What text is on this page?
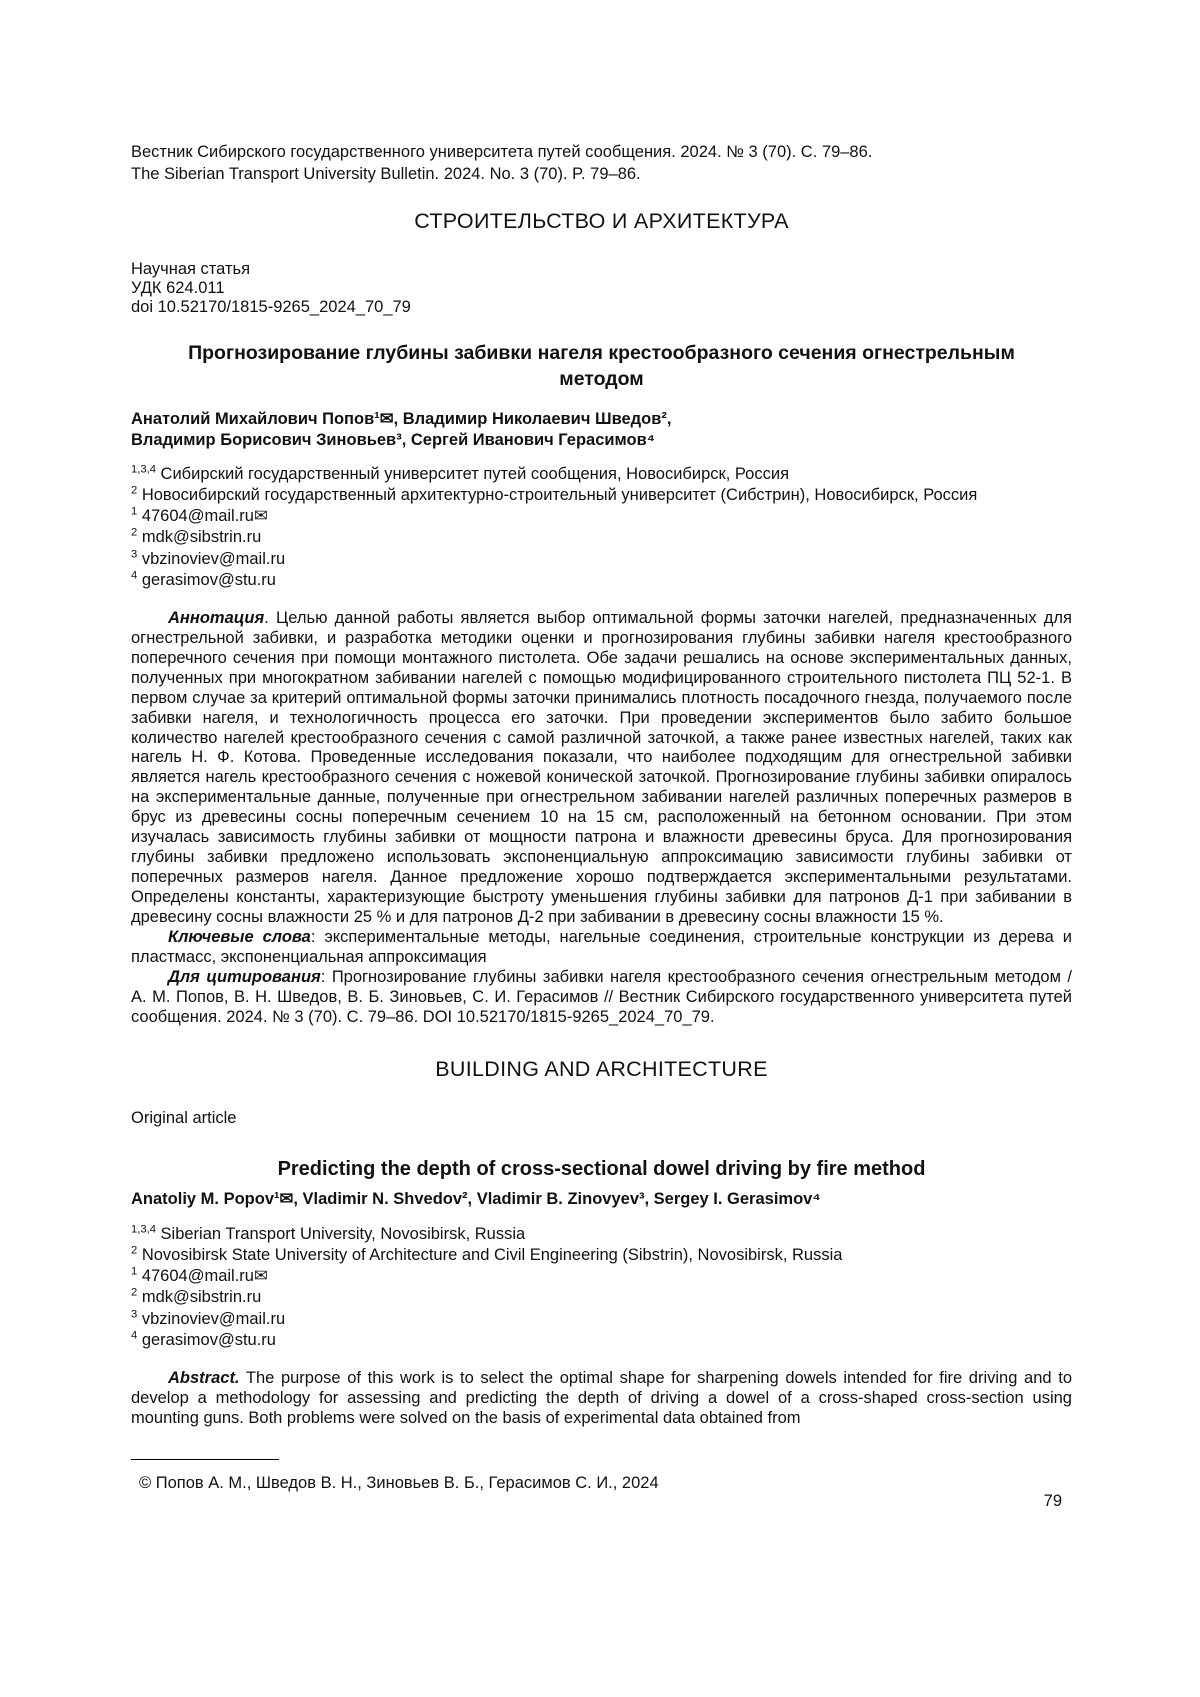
Вестник Сибирского государственного университета путей сообщения. 2024. № 3 (70). С. 79–86.

The Siberian Transport University Bulletin. 2024. No. 3 (70). P. 79–86.

СТРОИТЕЛЬСТВО И АРХИТЕКТУРА

Научная статья

УДК 624.011

doi 10.52170/1815-9265_2024_70_79

Прогнозирование глубины забивки нагеля крестообразного сечения огнестрельным методом

Анатолий Михайлович Попов¹✉, Владимир Николаевич Шведов²,

Владимир Борисович Зиновьев³, Сергей Иванович Герасимов⁴

$^{1,3,4}$ Сибирский государственный университет путей сообщения, Новосибирск, Россия

$^2$ Новосибирский государственный архитектурно-строительный университет (Сибстрин), Новосибирск, Россия

$^1$ 47604@mail.ru✉

$^2$ mdk@sibstrin.ru

$^3$ vbzinoviev@mail.ru

$^4$ gerasimov@stu.ru

Аннотация. Целью данной работы является выбор оптимальной формы заточки нагелей, предназначенных для огнестрельной забивки, и разработка методики оценки и прогнозирования глубины забивки нагеля крестообразного поперечного сечения при помощи монтажного пистолета. Обе задачи решались на основе экспериментальных данных, полученных при многократном забивании нагелей с помощью модифицированного строительного пистолета ПЦ 52-1. В первом случае за критерий оптимальной формы заточки принимались плотность посадочного гнезда, получаемого после забивки нагеля, и технологичность процесса его заточки. При проведении экспериментов было забито большое количество нагелей крестообразного сечения с самой различной заточкой, а также ранее известных нагелей, таких как нагель Н. Ф. Котова. Проведенные исследования показали, что наиболее подходящим для огнестрельной забивки является нагель крестообразного сечения с ножевой конической заточкой. Прогнозирование глубины забивки опиралось на экспериментальные данные, полученные при огнестрельном забивании нагелей различных поперечных размеров в брус из древесины сосны поперечным сечением 10 на 15 см, расположенный на бетонном основании. При этом изучалась зависимость глубины забивки от мощности патрона и влажности древесины бруса. Для прогнозирования глубины забивки предложено использовать экспоненциальную аппроксимацию зависимости глубины забивки от поперечных размеров нагеля. Данное предложение хорошо подтверждается экспериментальными результатами. Определены константы, характеризующие быстроту уменьшения глубины забивки для патронов Д-1 при забивании в древесину сосны влажности 25 % и для патронов Д-2 при забивании в древесину сосны влажности 15 %.

Ключевые слова: экспериментальные методы, нагельные соединения, строительные конструкции из дерева и пластмасс, экспоненциальная аппроксимация

Для цитирования: Прогнозирование глубины забивки нагеля крестообразного сечения огнестрельным методом / А. М. Попов, В. Н. Шведов, В. Б. Зиновьев, С. И. Герасимов // Вестник Сибирского государственного университета путей сообщения. 2024. № 3 (70). С. 79–86. DOI 10.52170/1815-9265_2024_70_79.

BUILDING AND ARCHITECTURE

Original article

Predicting the depth of cross-sectional dowel driving by fire method

Anatoliy M. Popov¹✉, Vladimir N. Shvedov², Vladimir B. Zinovyev³, Sergey I. Gerasimov⁴

$^{1,3,4}$ Siberian Transport University, Novosibirsk, Russia

$^2$ Novosibirsk State University of Architecture and Civil Engineering (Sibstrin), Novosibirsk, Russia

$^1$ 47604@mail.ru✉

$^2$ mdk@sibstrin.ru

$^3$ vbzinoviev@mail.ru

$^4$ gerasimov@stu.ru

Abstract. The purpose of this work is to select the optimal shape for sharpening dowels intended for fire driving and to develop a methodology for assessing and predicting the depth of driving a dowel of a cross-shaped cross-section using mounting guns. Both problems were solved on the basis of experimental data obtained from

© Попов А. М., Шведов В. Н., Зиновьев В. Б., Герасимов С. И., 2024

79
